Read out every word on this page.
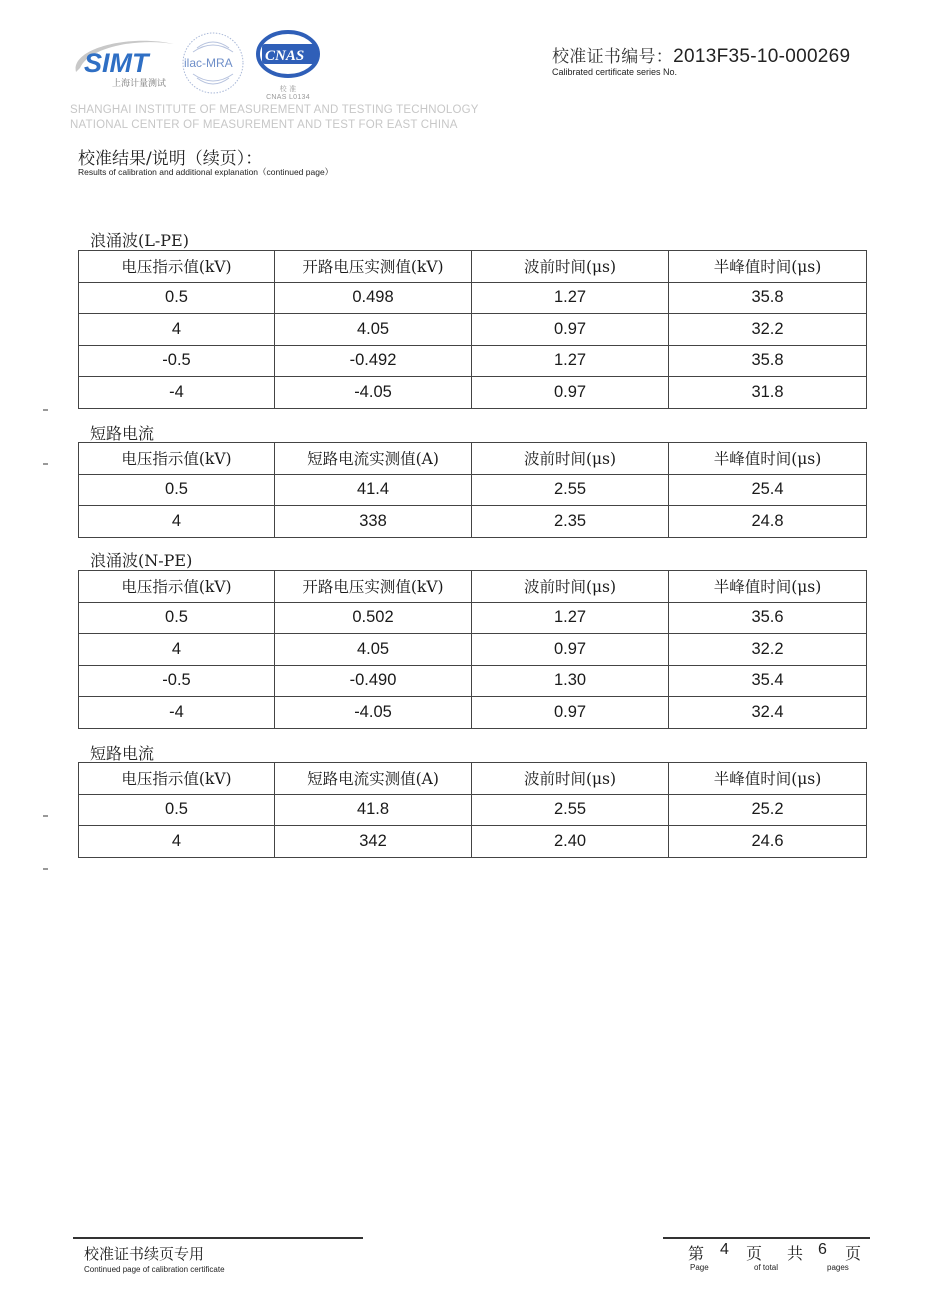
SIMT
上海计量测试
ilac-MRA CNAS
校 准
CNAS L0134
SHANGHAI INSTITUTE OF MEASUREMENT AND TESTING TECHNOLOGY
NATIONAL CENTER OF MEASUREMENT AND TEST FOR EAST CHINA
校准证书编号：2013F35-10-000269
Calibrated certificate series No.
校准结果/说明（续页）：
Results of calibration and additional explanation（continued page）
浪涌波(L-PE)
电压指示值(kV)	开路电压实测值(kV)	波前时间(μs)	半峰值时间(μs)
0.5	0.498	1.27	35.8
4	4.05	0.97	32.2
-0.5	-0.492	1.27	35.8
-4	-4.05	0.97	31.8
短路电流
电压指示值(kV)	短路电流实测值(A)	波前时间(μs)	半峰值时间(μs)
0.5	41.4	2.55	25.4
4	338	2.35	24.8
浪涌波(N-PE)
电压指示值(kV)	开路电压实测值(kV)	波前时间(μs)	半峰值时间(μs)
0.5	0.502	1.27	35.6
4	4.05	0.97	32.2
-0.5	-0.490	1.30	35.4
-4	-4.05	0.97	32.4
短路电流
电压指示值(kV)	短路电流实测值(A)	波前时间(μs)	半峰值时间(μs)
0.5	41.8	2.55	25.2
4	342	2.40	24.6
校准证书续页专用
Continued page of calibration certificate
第 4 页 共 6 页
Page	of total	pages
